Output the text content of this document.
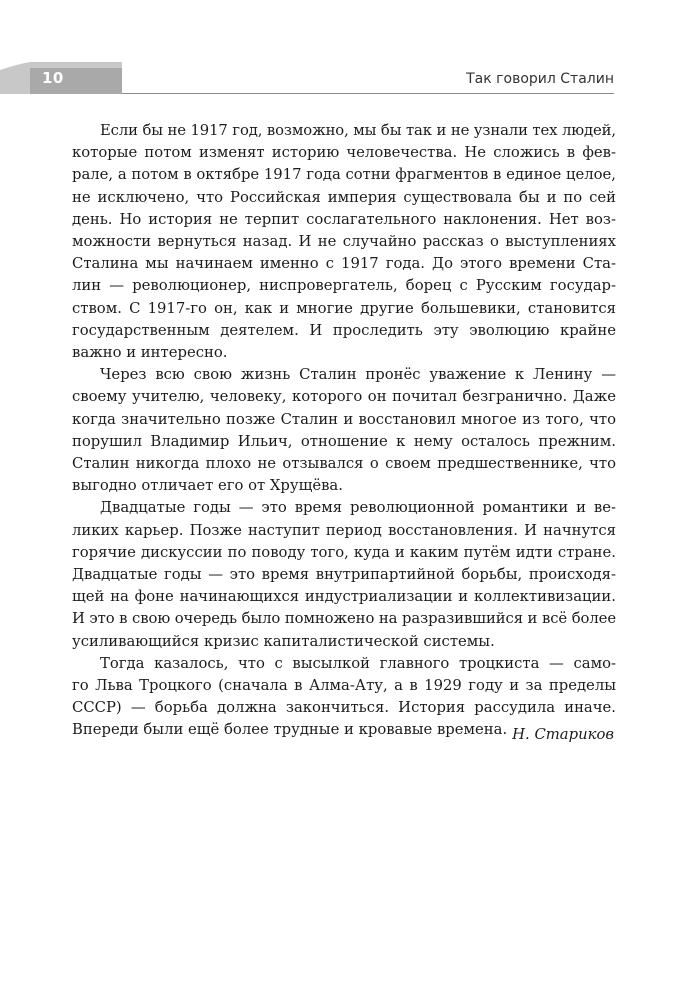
10	Так говорил Сталин
Если бы не 1917 год, возможно, мы бы так и не узнали тех людей,
которые потом изменят историю человечества. Не сложись в фев-
рале, а потом в октябре 1917 года сотни фрагментов в единое целое,
не исключено, что Российская империя существовала бы и по сей
день. Но история не терпит сослагательного наклонения. Нет воз-
можности вернуться назад. И не случайно рассказ о выступлениях
Сталина мы начинаем именно с 1917 года. До этого времени Ста-
лин — революционер, ниспровергатель, борец с Русским государ-
ством. С 1917-го он, как и многие другие большевики, становится
государственным деятелем. И проследить эту эволюцию крайне
важно и интересно.
Через всю свою жизнь Сталин пронёс уважение к Ленину —
своему учителю, человеку, которого он почитал безгранично. Даже
когда значительно позже Сталин и восстановил многое из того, что
порушил Владимир Ильич, отношение к нему осталось прежним.
Сталин никогда плохо не отзывался о своем предшественнике, что
выгодно отличает его от Хрущёва.
Двадцатые годы — это время революционной романтики и ве-
ликих карьер. Позже наступит период восстановления. И начнутся
горячие дискуссии по поводу того, куда и каким путём идти стране.
Двадцатые годы — это время внутрипартийной борьбы, происходя-
щей на фоне начинающихся индустриализации и коллективизации.
И это в свою очередь было помножено на разразившийся и всё более
усиливающийся кризис капиталистической системы.
Тогда казалось, что с высылкой главного троцкиста — само-
го Льва Троцкого (сначала в Алма-Ату, а в 1929 году и за пределы
СССР) — борьба должна закончиться. История рассудила иначе.
Впереди были ещё более трудные и кровавые времена. Н. Стариков
